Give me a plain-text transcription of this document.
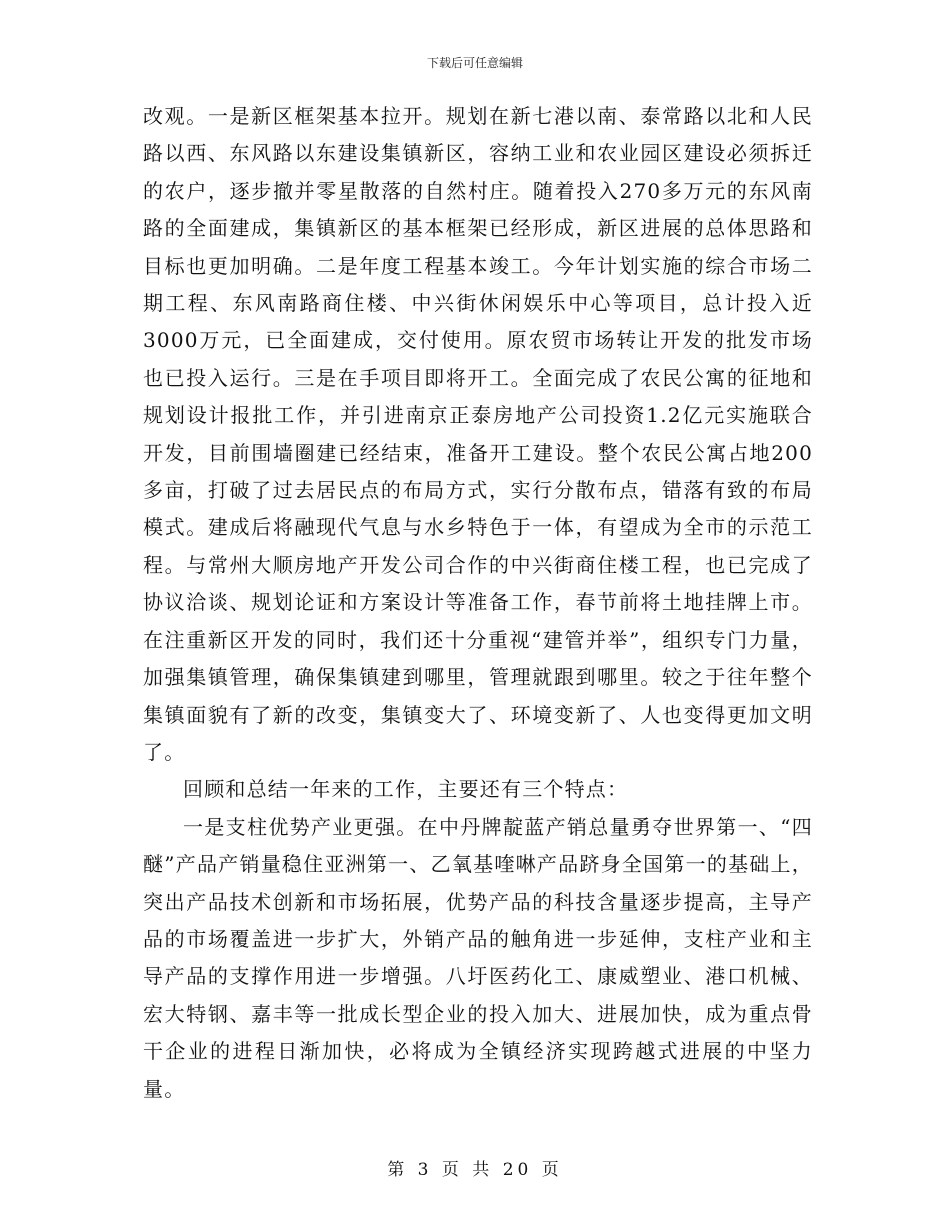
下载后可任意编辑

改观。一是新区框架基本拉开。规划在新七港以南、泰常路以北和人民路以西、东风路以东建设集镇新区，容纳工业和农业园区建设必须拆迁的农户，逐步撤并零星散落的自然村庄。随着投入270多万元的东风南路的全面建成，集镇新区的基本框架已经形成，新区进展的总体思路和目标也更加明确。二是年度工程基本竣工。今年计划实施的综合市场二期工程、东风南路商住楼、中兴街休闲娱乐中心等项目，总计投入近3000万元，已全面建成，交付使用。原农贸市场转让开发的批发市场也已投入运行。三是在手项目即将开工。全面完成了农民公寓的征地和规划设计报批工作，并引进南京正泰房地产公司投资1.2亿元实施联合开发，目前围墙圈建已经结束，准备开工建设。整个农民公寓占地200多亩，打破了过去居民点的布局方式，实行分散布点，错落有致的布局模式。建成后将融现代气息与水乡特色于一体，有望成为全市的示范工程。与常州大顺房地产开发公司合作的中兴街商住楼工程，也已完成了协议洽谈、规划论证和方案设计等准备工作，春节前将土地挂牌上市。在注重新区开发的同时，我们还十分重视“建管并举”，组织专门力量，加强集镇管理，确保集镇建到哪里，管理就跟到哪里。较之于往年整个集镇面貌有了新的改变，集镇变大了、环境变新了、人也变得更加文明了。

回顾和总结一年来的工作，主要还有三个特点：

一是支柱优势产业更强。在中丹牌靛蓝产销总量勇夺世界第一、“四醚”产品产销量稳住亚洲第一、乙氧基喹啉产品跻身全国第一的基础上，突出产品技术创新和市场拓展，优势产品的科技含量逐步提高，主导产品的市场覆盖进一步扩大，外销产品的触角进一步延伸，支柱产业和主导产品的支撑作用进一步增强。八圩医药化工、康威塑业、港口机械、宏大特钢、嘉丰等一批成长型企业的投入加大、进展加快，成为重点骨干企业的进程日渐加快，必将成为全镇经济实现跨越式进展的中坚力量。

第 3 页 共 20 页
